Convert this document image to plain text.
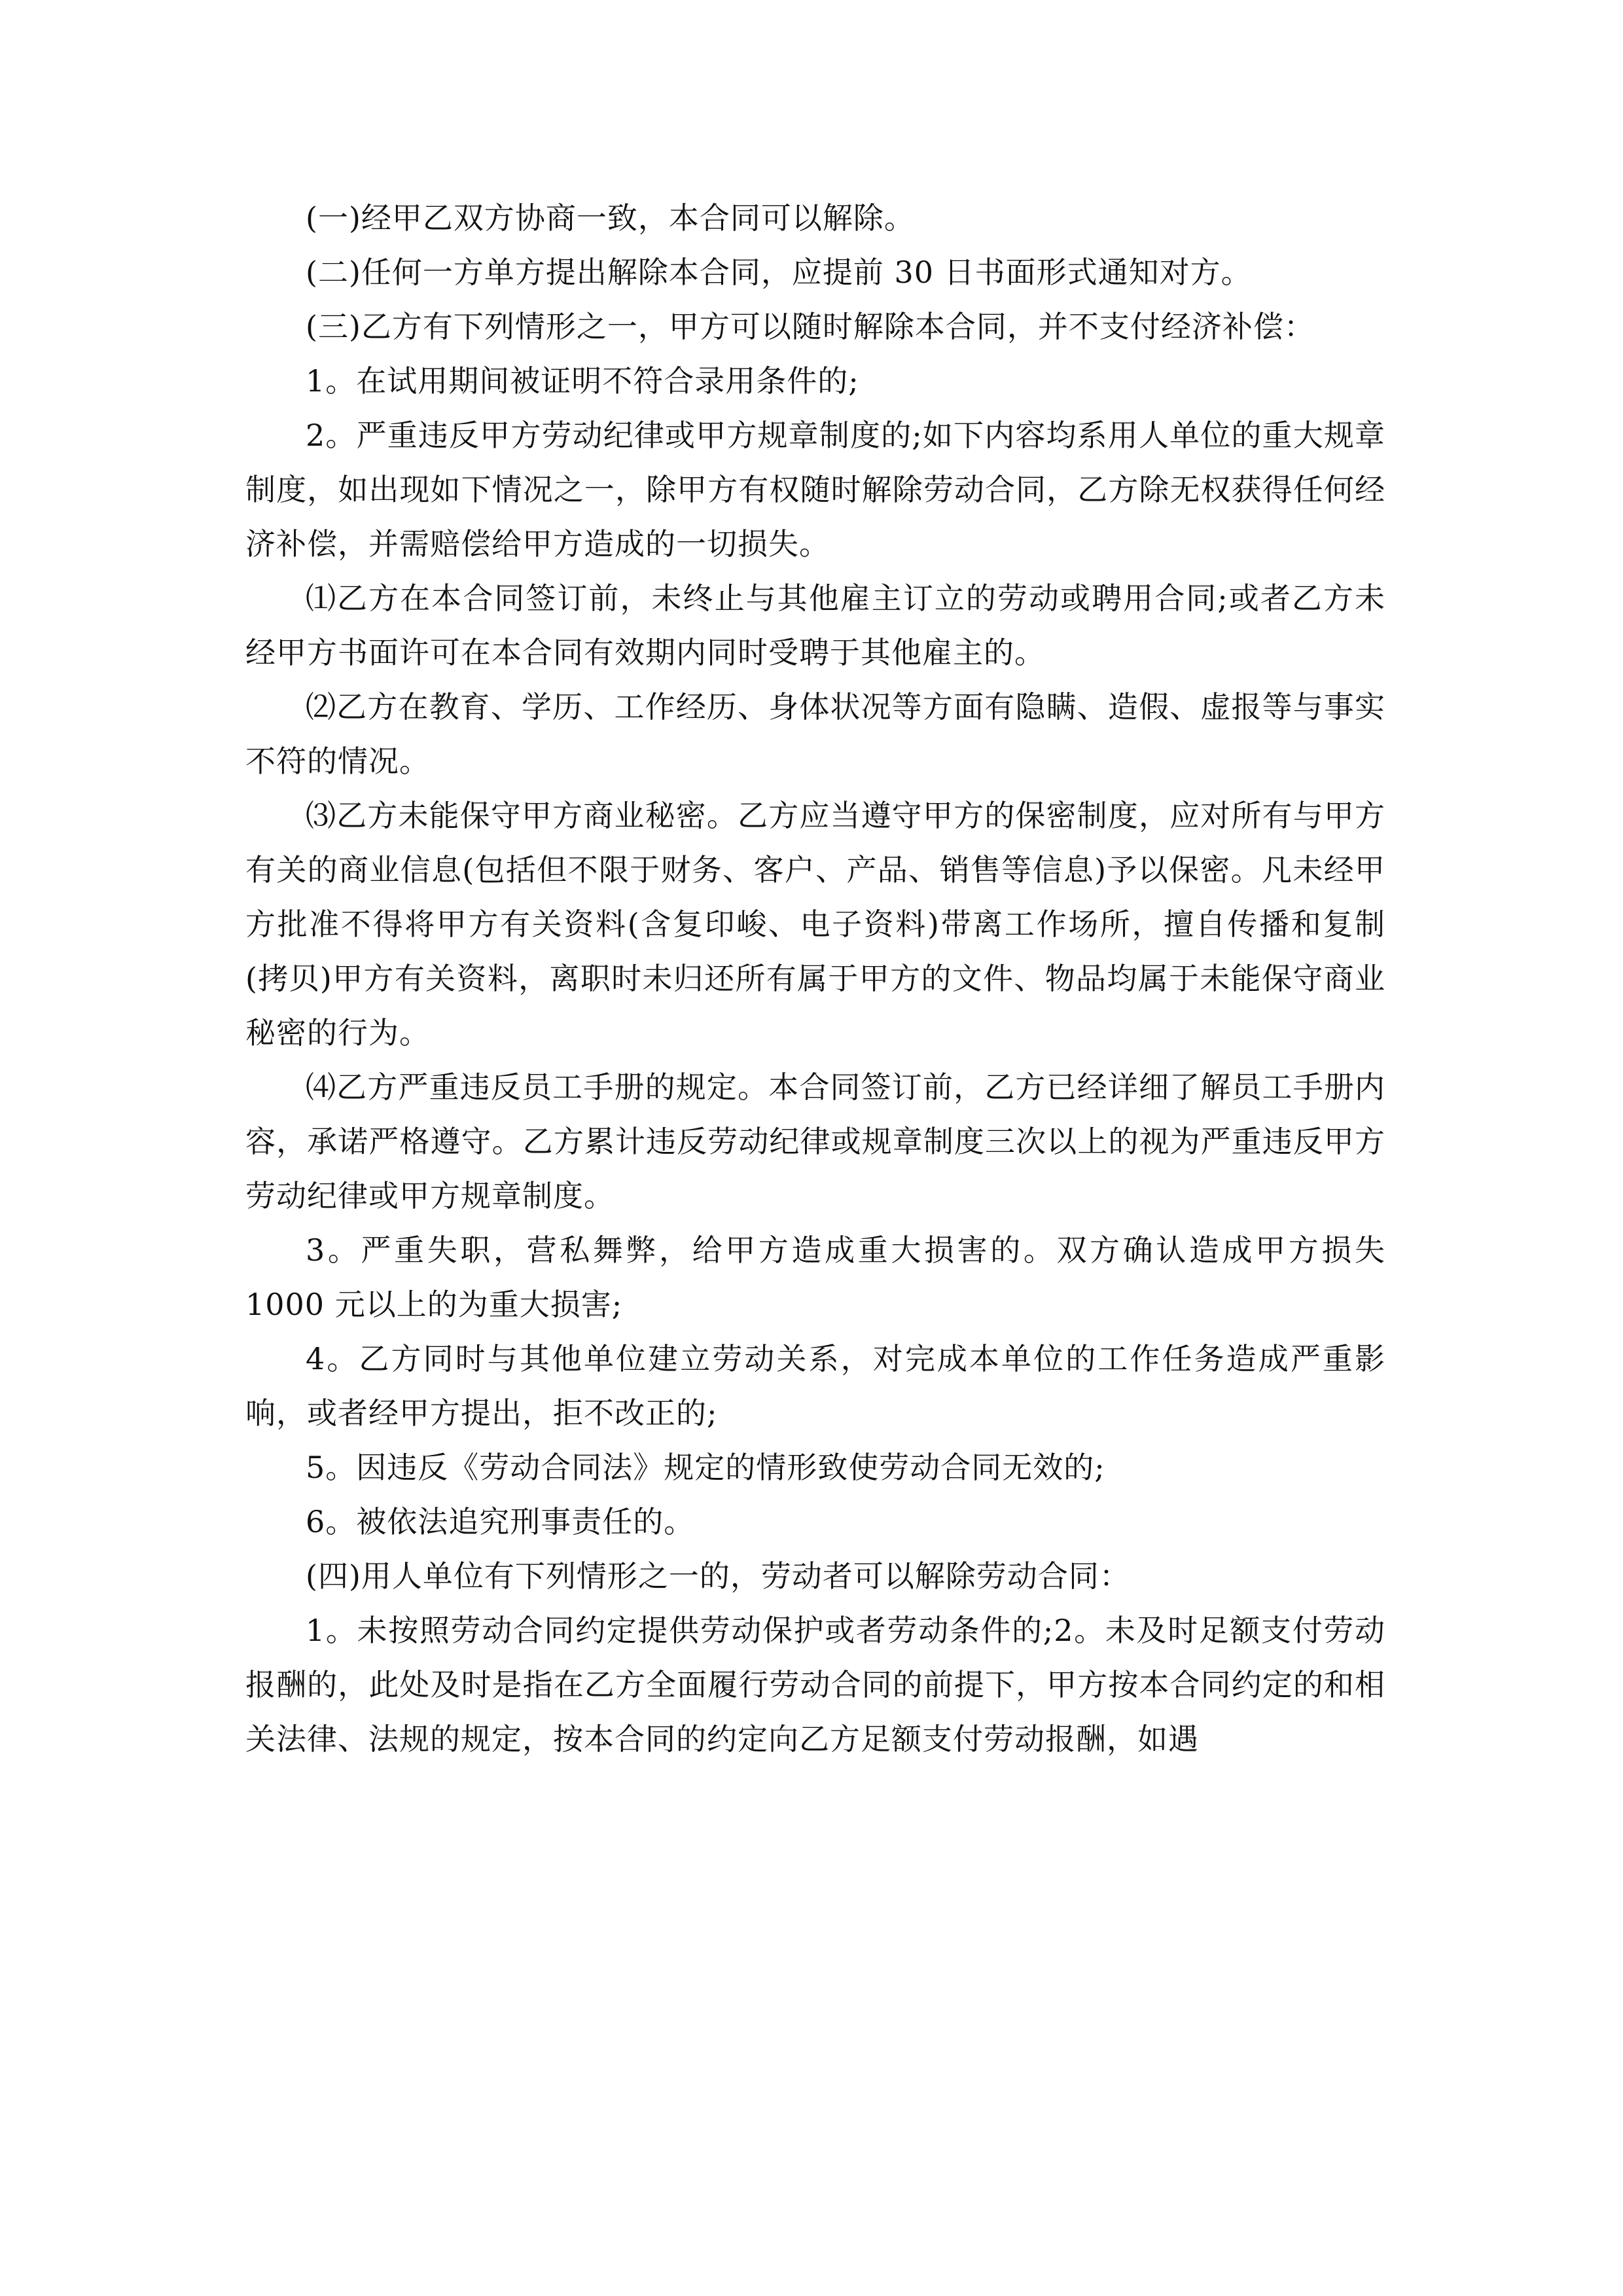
(一)经甲乙双方协商一致，本合同可以解除。

(二)任何一方单方提出解除本合同，应提前 30 日书面形式通知对方。

(三)乙方有下列情形之一，甲方可以随时解除本合同，并不支付经济补偿：

1。在试用期间被证明不符合录用条件的;

2。严重违反甲方劳动纪律或甲方规章制度的;如下内容均系用人单位的重大规章制度，如出现如下情况之一，除甲方有权随时解除劳动合同，乙方除无权获得任何经济补偿，并需赔偿给甲方造成的一切损失。

⑴乙方在本合同签订前，未终止与其他雇主订立的劳动或聘用合同;或者乙方未经甲方书面许可在本合同有效期内同时受聘于其他雇主的。

⑵乙方在教育、学历、工作经历、身体状况等方面有隐瞒、造假、虚报等与事实不符的情况。

⑶乙方未能保守甲方商业秘密。乙方应当遵守甲方的保密制度，应对所有与甲方有关的商业信息(包括但不限于财务、客户、产品、销售等信息)予以保密。凡未经甲方批准不得将甲方有关资料(含复印峻、电子资料)带离工作场所，擅自传播和复制(拷贝)甲方有关资料，离职时未归还所有属于甲方的文件、物品均属于未能保守商业秘密的行为。

⑷乙方严重违反员工手册的规定。本合同签订前，乙方已经详细了解员工手册内容，承诺严格遵守。乙方累计违反劳动纪律或规章制度三次以上的视为严重违反甲方劳动纪律或甲方规章制度。

3。严重失职，营私舞弊，给甲方造成重大损害的。双方确认造成甲方损失 1000 元以上的为重大损害;

4。乙方同时与其他单位建立劳动关系，对完成本单位的工作任务造成严重影响，或者经甲方提出，拒不改正的;

5。因违反《劳动合同法》规定的情形致使劳动合同无效的;

6。被依法追究刑事责任的。

(四)用人单位有下列情形之一的，劳动者可以解除劳动合同：

1。未按照劳动合同约定提供劳动保护或者劳动条件的;2。未及时足额支付劳动报酬的，此处及时是指在乙方全面履行劳动合同的前提下，甲方按本合同约定的和相关法律、法规的规定，按本合同的约定向乙方足额支付劳动报酬，如遇
